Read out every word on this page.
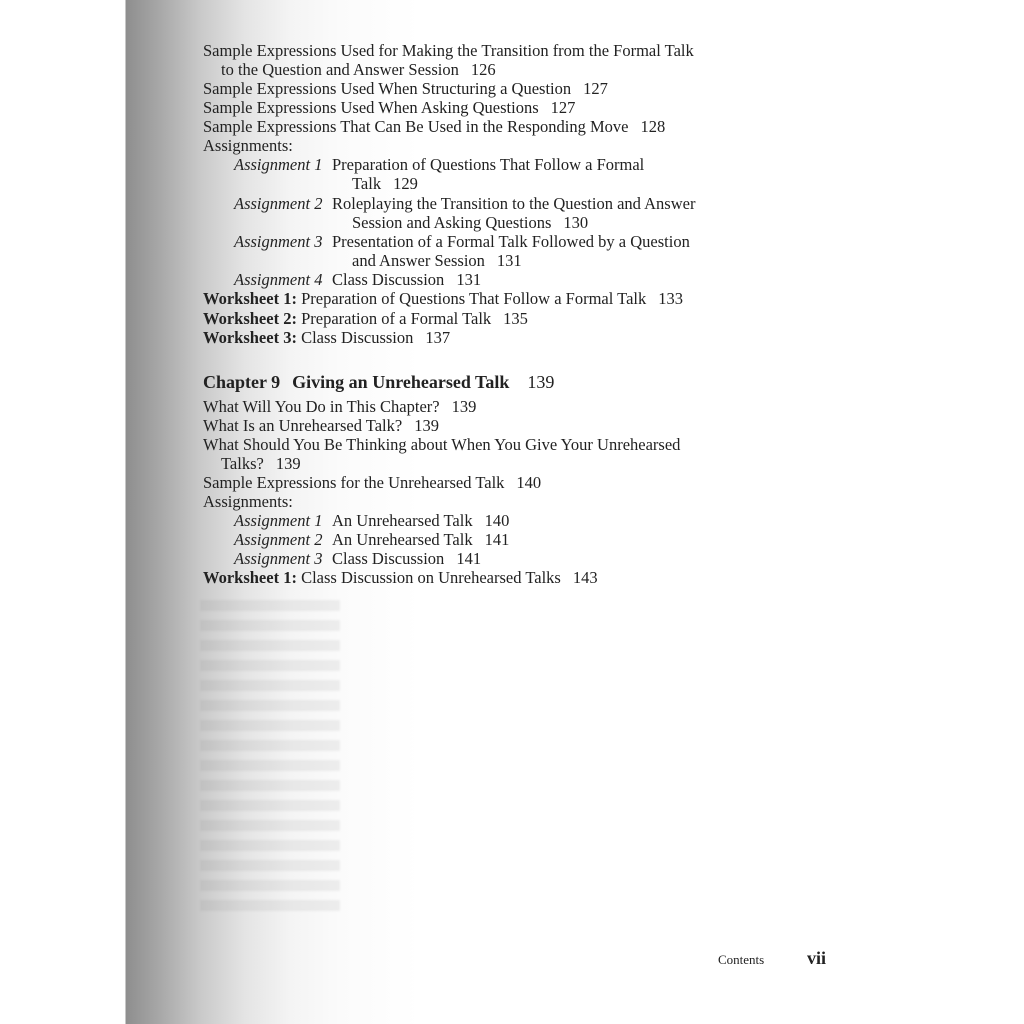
Sample Expressions Used for Making the Transition from the Formal Talk
to the Question and Answer Session 126
Sample Expressions Used When Structuring a Question 127
Sample Expressions Used When Asking Questions 127
Sample Expressions That Can Be Used in the Responding Move 128
Assignments:
Assignment 1 Preparation of Questions That Follow a Formal
Talk 129
Assignment 2 Roleplaying the Transition to the Question and Answer
Session and Asking Questions 130
Assignment 3 Presentation of a Formal Talk Followed by a Question
and Answer Session 131
Assignment 4 Class Discussion 131
Worksheet 1: Preparation of Questions That Follow a Formal Talk 133
Worksheet 2: Preparation of a Formal Talk 135
Worksheet 3: Class Discussion 137
Chapter 9 Giving an Unrehearsed Talk 139
What Will You Do in This Chapter? 139
What Is an Unrehearsed Talk? 139
What Should You Be Thinking about When You Give Your Unrehearsed
Talks? 139
Sample Expressions for the Unrehearsed Talk 140
Assignments:
Assignment 1 An Unrehearsed Talk 140
Assignment 2 An Unrehearsed Talk 141
Assignment 3 Class Discussion 141
Worksheet 1: Class Discussion on Unrehearsed Talks 143
Contents vii
